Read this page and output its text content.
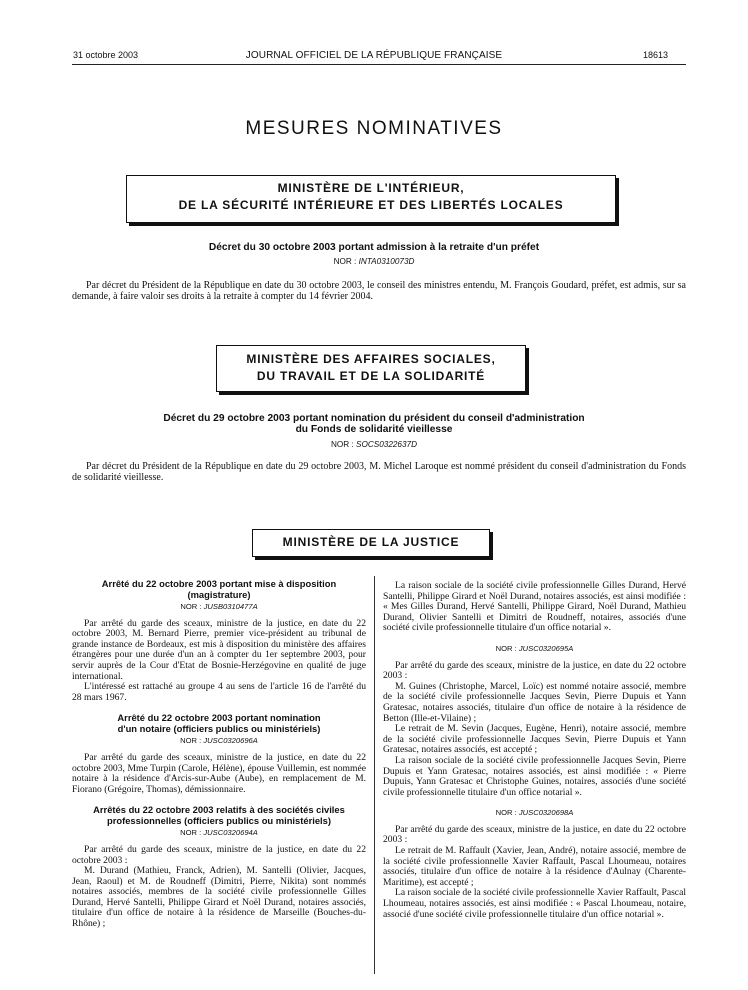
31 octobre 2003	JOURNAL OFFICIEL DE LA RÉPUBLIQUE FRANÇAISE	18613
MESURES NOMINATIVES
MINISTÈRE DE L'INTÉRIEUR,
DE LA SÉCURITÉ INTÉRIEURE ET DES LIBERTÉS LOCALES
Décret du 30 octobre 2003 portant admission à la retraite d'un préfet
NOR : INTA0310073D
Par décret du Président de la République en date du 30 octobre 2003, le conseil des ministres entendu, M. François Goudard, préfet, est admis, sur sa demande, à faire valoir ses droits à la retraite à compter du 14 février 2004.
MINISTÈRE DES AFFAIRES SOCIALES,
DU TRAVAIL ET DE LA SOLIDARITÉ
Décret du 29 octobre 2003 portant nomination du président du conseil d'administration
du Fonds de solidarité vieillesse
NOR : SOCS0322637D
Par décret du Président de la République en date du 29 octobre 2003, M. Michel Laroque est nommé président du conseil d'administration du Fonds de solidarité vieillesse.
MINISTÈRE DE LA JUSTICE

Arrêté du 22 octobre 2003 portant mise à disposition

(magistrature)

NOR : JUSB0310477A

Par arrêté du garde des sceaux, ministre de la justice, en date du 22 octobre 2003, M. Bernard Pierre, premier vice-président au tribunal de grande instance de Bordeaux, est mis à disposition du ministère des affaires étrangères pour une durée d'un an à compter du 1er septembre 2003, pour servir auprès de la Cour d'Etat de Bosnie-Herzégovine en qualité de juge international.

L'intéressé est rattaché au groupe 4 au sens de l'article 16 de l'arrêté du 28 mars 1967.

Arrêté du 22 octobre 2003 portant nomination

d'un notaire (officiers publics ou ministériels)

NOR : JUSC0320696A

Par arrêté du garde des sceaux, ministre de la justice, en date du 22 octobre 2003, Mme Turpin (Carole, Hélène), épouse Vuillemin, est nommée notaire à la résidence d'Arcis-sur-Aube (Aube), en remplacement de M. Fiorano (Grégoire, Thomas), démissionnaire.

Arrêtés du 22 octobre 2003 relatifs à des sociétés civiles

professionnelles (officiers publics ou ministériels)

NOR : JUSC0320694A

Par arrêté du garde des sceaux, ministre de la justice, en date du 22 octobre 2003 :

M. Durand (Mathieu, Franck, Adrien), M. Santelli (Olivier, Jacques, Jean, Raoul) et M. de Roudneff (Dimitri, Pierre, Nikita) sont nommés notaires associés, membres de la société civile professionnelle Gilles Durand, Hervé Santelli, Philippe Girard et Noël Durand, notaires associés, titulaire d'un office de notaire à la résidence de Marseille (Bouches-du-Rhône) ;

La raison sociale de la société civile professionnelle Gilles Durand, Hervé Santelli, Philippe Girard et Noël Durand, notaires associés, est ainsi modifiée : « Mes Gilles Durand, Hervé Santelli, Philippe Girard, Noël Durand, Mathieu Durand, Olivier Santelli et Dimitri de Roudneff, notaires, associés d'une société civile professionnelle titulaire d'un office notarial ».

NOR : JUSC0320695A

Par arrêté du garde des sceaux, ministre de la justice, en date du 22 octobre 2003 :

M. Guines (Christophe, Marcel, Loïc) est nommé notaire associé, membre de la société civile professionnelle Jacques Sevin, Pierre Dupuis et Yann Gratesac, notaires associés, titulaire d'un office de notaire à la résidence de Betton (Ille-et-Vilaine) ;

Le retrait de M. Sevin (Jacques, Eugène, Henri), notaire associé, membre de la société civile professionnelle Jacques Sevin, Pierre Dupuis et Yann Gratesac, notaires associés, est accepté ;

La raison sociale de la société civile professionnelle Jacques Sevin, Pierre Dupuis et Yann Gratesac, notaires associés, est ainsi modifiée : « Pierre Dupuis, Yann Gratesac et Christophe Guines, notaires, associés d'une société civile professionnelle titulaire d'un office notarial ».

NOR : JUSC0320698A

Par arrêté du garde des sceaux, ministre de la justice, en date du 22 octobre 2003 :

Le retrait de M. Raffault (Xavier, Jean, André), notaire associé, membre de la société civile professionnelle Xavier Raffault, Pascal Lhoumeau, notaires associés, titulaire d'un office de notaire à la résidence d'Aulnay (Charente-Maritime), est accepté ;

La raison sociale de la société civile professionnelle Xavier Raffault, Pascal Lhoumeau, notaires associés, est ainsi modifiée : « Pascal Lhoumeau, notaire, associé d'une société civile professionnelle titulaire d'un office notarial ».
